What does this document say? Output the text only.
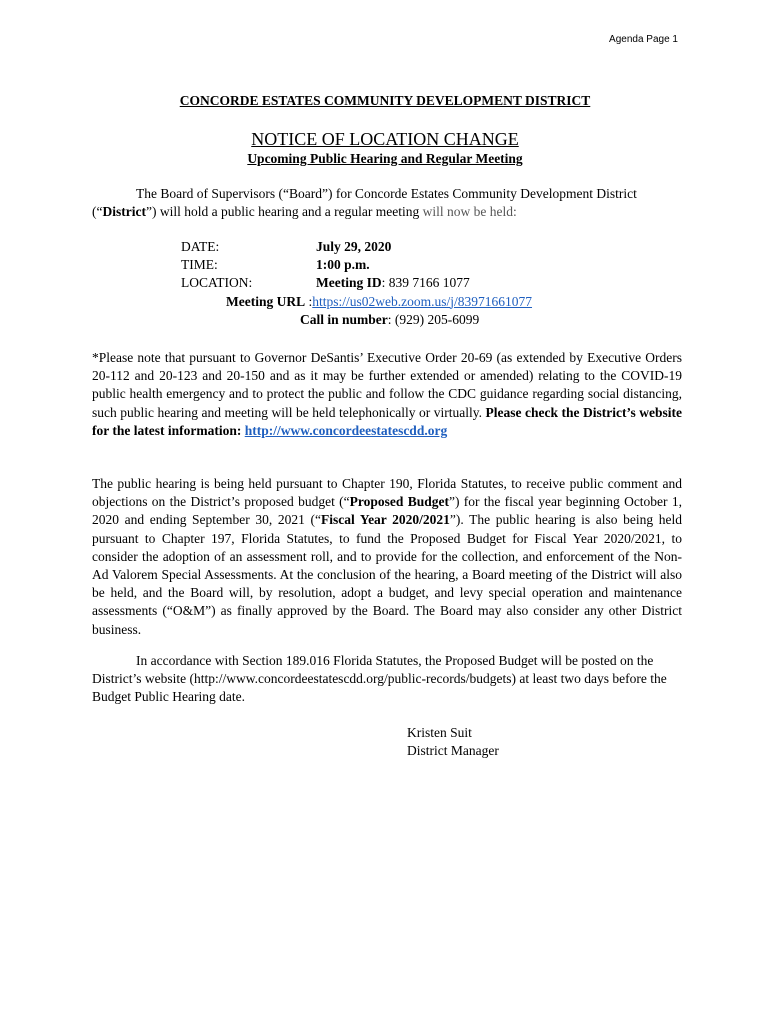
Agenda Page 1
CONCORDE ESTATES COMMUNITY DEVELOPMENT DISTRICT
NOTICE OF LOCATION CHANGE
Upcoming Public Hearing and Regular Meeting
The Board of Supervisors (“Board”) for Concorde Estates Community Development District (“District”) will hold a public hearing and a regular meeting will now be held:
DATE:	July 29, 2020
TIME:	1:00 p.m.
LOCATION:	Meeting ID: 839 7166 1077
Meeting URL :https://us02web.zoom.us/j/83971661077
Call in number: (929) 205-6099
*Please note that pursuant to Governor DeSantis’ Executive Order 20-69 (as extended by Executive Orders 20-112 and 20-123 and 20-150 and as it may be further extended or amended) relating to the COVID-19 public health emergency and to protect the public and follow the CDC guidance regarding social distancing, such public hearing and meeting will be held telephonically or virtually. Please check the District’s website for the latest information: http://www.concordeestatescdd.org
The public hearing is being held pursuant to Chapter 190, Florida Statutes, to receive public comment and objections on the District’s proposed budget (“Proposed Budget”) for the fiscal year beginning October 1, 2020 and ending September 30, 2021 (“Fiscal Year 2020/2021”). The public hearing is also being held pursuant to Chapter 197, Florida Statutes, to fund the Proposed Budget for Fiscal Year 2020/2021, to consider the adoption of an assessment roll, and to provide for the collection, and enforcement of the Non-Ad Valorem Special Assessments. At the conclusion of the hearing, a Board meeting of the District will also be held, and the Board will, by resolution, adopt a budget, and levy special operation and maintenance assessments (“O&M”) as finally approved by the Board. The Board may also consider any other District business.
In accordance with Section 189.016 Florida Statutes, the Proposed Budget will be posted on the District’s website (http://www.concordeestatescdd.org/public-records/budgets) at least two days before the Budget Public Hearing date.
Kristen Suit
District Manager
